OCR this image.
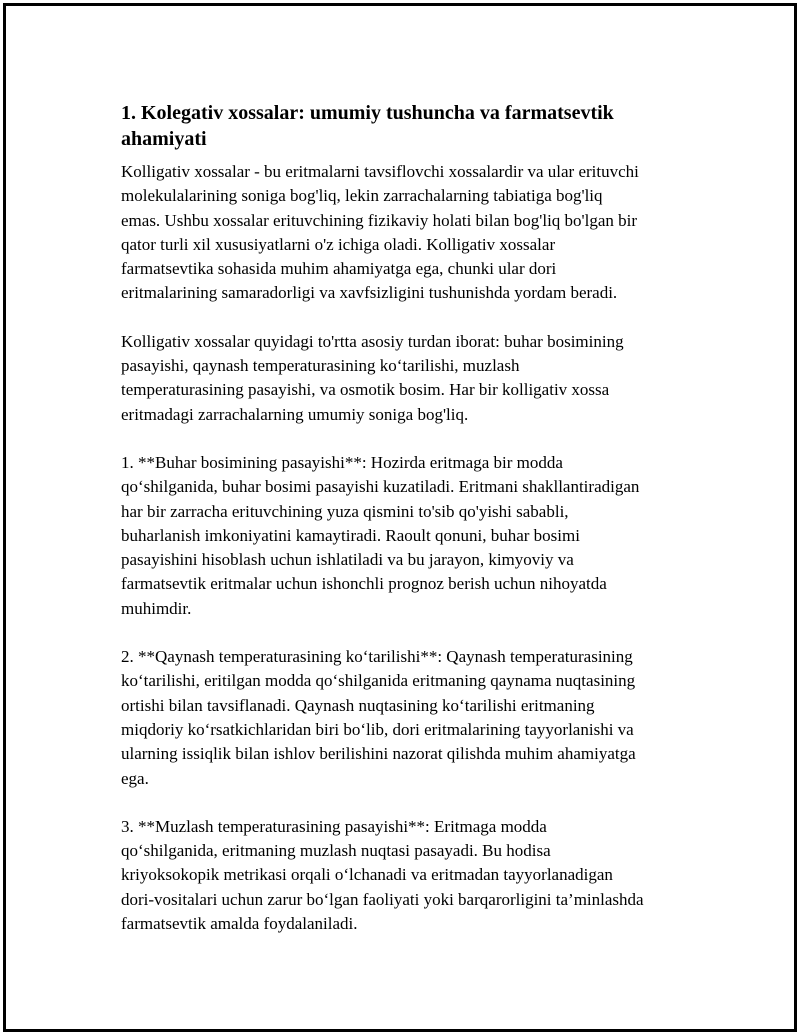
1. Kolegativ xossalar: umumiy tushuncha va farmatsevtik
ahamiyati

Kolligativ xossalar - bu eritmalarni tavsiflovchi xossalardir va ular erituvchi
molekulalarining soniga bog'liq, lekin zarrachalarning tabiatiga bog'liq
emas. Ushbu xossalar erituvchining fizikaviy holati bilan bog'liq bo'lgan bir
qator turli xil xususiyatlarni o'z ichiga oladi. Kolligativ xossalar
farmatsevtika sohasida muhim ahamiyatga ega, chunki ular dori
eritmalarining samaradorligi va xavfsizligini tushunishda yordam beradi.

Kolligativ xossalar quyidagi to'rtta asosiy turdan iborat: buhar bosimining
pasayishi, qaynash temperaturasining ko‘tarilishi, muzlash
temperaturasining pasayishi, va osmotik bosim. Har bir kolligativ xossa
eritmadagi zarrachalarning umumiy soniga bog'liq.

1. **Buhar bosimining pasayishi**: Hozirda eritmaga bir modda
qo‘shilganida, buhar bosimi pasayishi kuzatiladi. Eritmani shakllantiradigan
har bir zarracha erituvchining yuza qismini to'sib qo'yishi sababli,
buharlanish imkoniyatini kamaytiradi. Raoult qonuni, buhar bosimi
pasayishini hisoblash uchun ishlatiladi va bu jarayon, kimyoviy va
farmatsevtik eritmalar uchun ishonchli prognoz berish uchun nihoyatda
muhimdir.

2. **Qaynash temperaturasining ko‘tarilishi**: Qaynash temperaturasining
ko‘tarilishi, eritilgan modda qo‘shilganida eritmaning qaynama nuqtasining
ortishi bilan tavsiflanadi. Qaynash nuqtasining ko‘tarilishi eritmaning
miqdoriy ko‘rsatkichlaridan biri bo‘lib, dori eritmalarining tayyorlanishi va
ularning issiqlik bilan ishlov berilishini nazorat qilishda muhim ahamiyatga
ega.

3. **Muzlash temperaturasining pasayishi**: Eritmaga modda
qo‘shilganida, eritmaning muzlash nuqtasi pasayadi. Bu hodisa
kriyoksokopik metrikasi orqali o‘lchanadi va eritmadan tayyorlanadigan
dori-vositalari uchun zarur bo‘lgan faoliyati yoki barqarorligini ta’minlashda
farmatsevtik amalda foydalaniladi.
